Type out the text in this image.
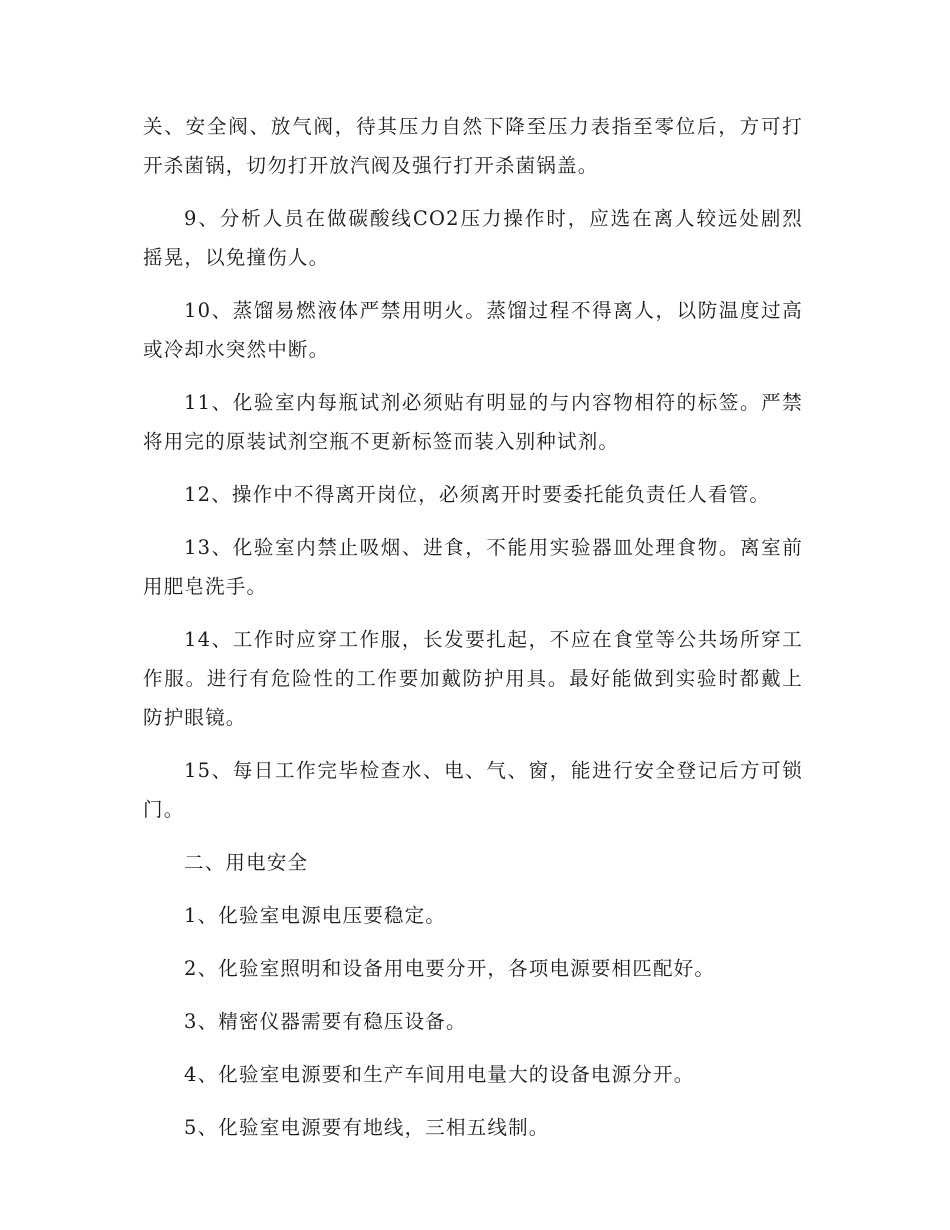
关、安全阀、放气阀，待其压力自然下降至压力表指至零位后，方可打开杀菌锅，切勿打开放汽阀及强行打开杀菌锅盖。

9、分析人员在做碳酸线CO2压力操作时，应选在离人较远处剧烈摇晃，以免撞伤人。

10、蒸馏易燃液体严禁用明火。蒸馏过程不得离人，以防温度过高或冷却水突然中断。

11、化验室内每瓶试剂必须贴有明显的与内容物相符的标签。严禁将用完的原装试剂空瓶不更新标签而装入别种试剂。

12、操作中不得离开岗位，必须离开时要委托能负责任人看管。

13、化验室内禁止吸烟、进食，不能用实验器皿处理食物。离室前用肥皂洗手。

14、工作时应穿工作服，长发要扎起，不应在食堂等公共场所穿工作服。进行有危险性的工作要加戴防护用具。最好能做到实验时都戴上防护眼镜。

15、每日工作完毕检查水、电、气、窗，能进行安全登记后方可锁门。

二、用电安全

1、化验室电源电压要稳定。

2、化验室照明和设备用电要分开，各项电源要相匹配好。

3、精密仪器需要有稳压设备。

4、化验室电源要和生产车间用电量大的设备电源分开。

5、化验室电源要有地线，三相五线制。
